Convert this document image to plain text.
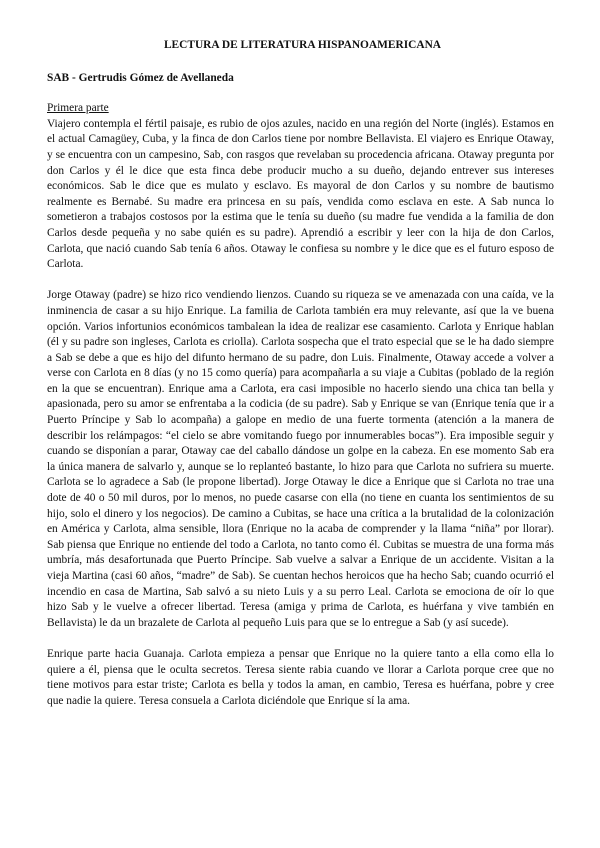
LECTURA DE LITERATURA HISPANOAMERICANA
SAB - Gertrudis Gómez de Avellaneda
Primera parte

Viajero contempla el fértil paisaje, es rubio de ojos azules, nacido en una región del Norte (inglés). Estamos en el actual Camagüey, Cuba, y la finca de don Carlos tiene por nombre Bellavista. El viajero es Enrique Otaway, y se encuentra con un campesino, Sab, con rasgos que revelaban su procedencia africana. Otaway pregunta por don Carlos y él le dice que esta finca debe producir mucho a su dueño, dejando entrever sus intereses económicos. Sab le dice que es mulato y esclavo. Es mayoral de don Carlos y su nombre de bautismo realmente es Bernabé. Su madre era princesa en su país, vendida como esclava en este. A Sab nunca lo sometieron a trabajos costosos por la estima que le tenía su dueño (su madre fue vendida a la familia de don Carlos desde pequeña y no sabe quién es su padre). Aprendió a escribir y leer con la hija de don Carlos, Carlota, que nació cuando Sab tenía 6 años. Otaway le confiesa su nombre y le dice que es el futuro esposo de Carlota.

Jorge Otaway (padre) se hizo rico vendiendo lienzos. Cuando su riqueza se ve amenazada con una caída, ve la inminencia de casar a su hijo Enrique. La familia de Carlota también era muy relevante, así que la ve buena opción. Varios infortunios económicos tambalean la idea de realizar ese casamiento. Carlota y Enrique hablan (él y su padre son ingleses, Carlota es criolla). Carlota sospecha que el trato especial que se le ha dado siempre a Sab se debe a que es hijo del difunto hermano de su padre, don Luis. Finalmente, Otaway accede a volver a verse con Carlota en 8 días (y no 15 como quería) para acompañarla a su viaje a Cubitas (poblado de la región en la que se encuentran). Enrique ama a Carlota, era casi imposible no hacerlo siendo una chica tan bella y apasionada, pero su amor se enfrentaba a la codicia (de su padre). Sab y Enrique se van (Enrique tenía que ir a Puerto Príncipe y Sab lo acompaña) a galope en medio de una fuerte tormenta (atención a la manera de describir los relámpagos: “el cielo se abre vomitando fuego por innumerables bocas”). Era imposible seguir y cuando se disponían a parar, Otaway cae del caballo dándose un golpe en la cabeza. En ese momento Sab era la única manera de salvarlo y, aunque se lo replanteó bastante, lo hizo para que Carlota no sufriera su muerte. Carlota se lo agradece a Sab (le propone libertad). Jorge Otaway le dice a Enrique que si Carlota no trae una dote de 40 o 50 mil duros, por lo menos, no puede casarse con ella (no tiene en cuanta los sentimientos de su hijo, solo el dinero y los negocios). De camino a Cubitas, se hace una crítica a la brutalidad de la colonización en América y Carlota, alma sensible, llora (Enrique no la acaba de comprender y la llama “niña” por llorar). Sab piensa que Enrique no entiende del todo a Carlota, no tanto como él. Cubitas se muestra de una forma más umbría, más desafortunada que Puerto Príncipe. Sab vuelve a salvar a Enrique de un accidente. Visitan a la vieja Martina (casi 60 años, “madre” de Sab). Se cuentan hechos heroicos que ha hecho Sab; cuando ocurrió el incendio en casa de Martina, Sab salvó a su nieto Luis y a su perro Leal. Carlota se emociona de oír lo que hizo Sab y le vuelve a ofrecer libertad. Teresa (amiga y prima de Carlota, es huérfana y vive también en Bellavista) le da un brazalete de Carlota al pequeño Luis para que se lo entregue a Sab (y así sucede).

Enrique parte hacia Guanaja. Carlota empieza a pensar que Enrique no la quiere tanto a ella como ella lo quiere a él, piensa que le oculta secretos. Teresa siente rabia cuando ve llorar a Carlota porque cree que no tiene motivos para estar triste; Carlota es bella y todos la aman, en cambio, Teresa es huérfana, pobre y cree que nadie la quiere. Teresa consuela a Carlota diciéndole que Enrique sí la ama.
